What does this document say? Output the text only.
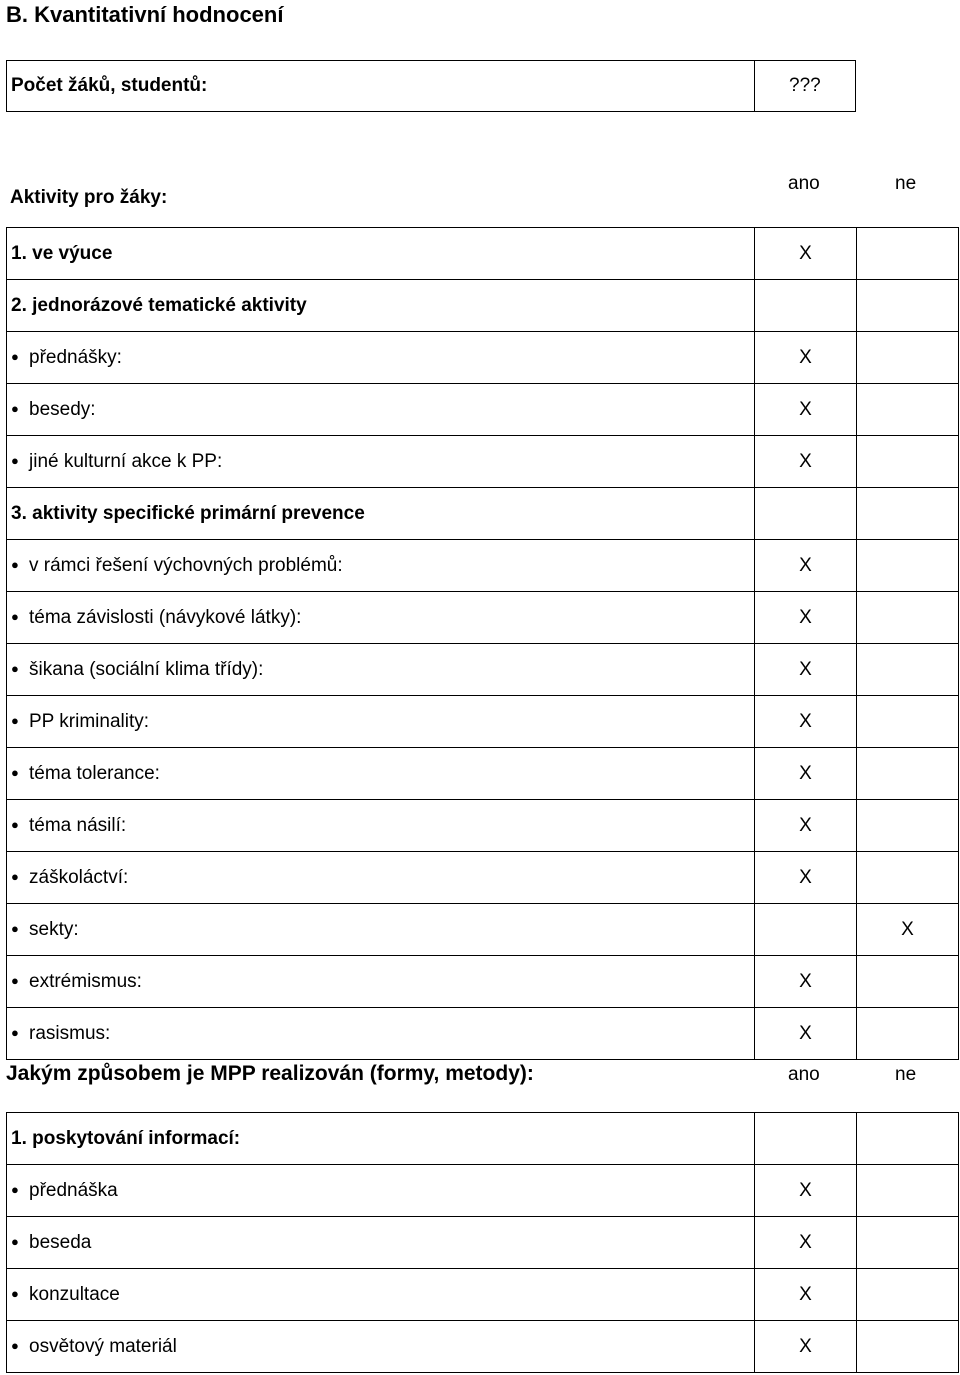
B. Kvantitativní hodnocení
Počet žáků, studentů:	???
Aktivity pro žáky:
ano	ne
1. ve výuce	X	
2. jednorázové tematické aktivity		
● přednášky:	X	
● besedy:	X	
● jiné kulturní akce k PP:	X	
3. aktivity specifické primární prevence		
● v rámci řešení výchovných problémů:	X	
● téma závislosti (návykové látky):	X	
● šikana (sociální klima třídy):	X	
● PP kriminality:	X	
● téma tolerance:	X	
● téma násilí:	X	
● záškoláctví:	X	
● sekty:		X
● extrémismus:	X	
● rasismus:	X	
Jakým způsobem je MPP realizován (formy, metody):	ano	ne
1. poskytování informací:		
● přednáška	X	
● beseda	X	
● konzultace	X	
● osvětový materiál	X	
